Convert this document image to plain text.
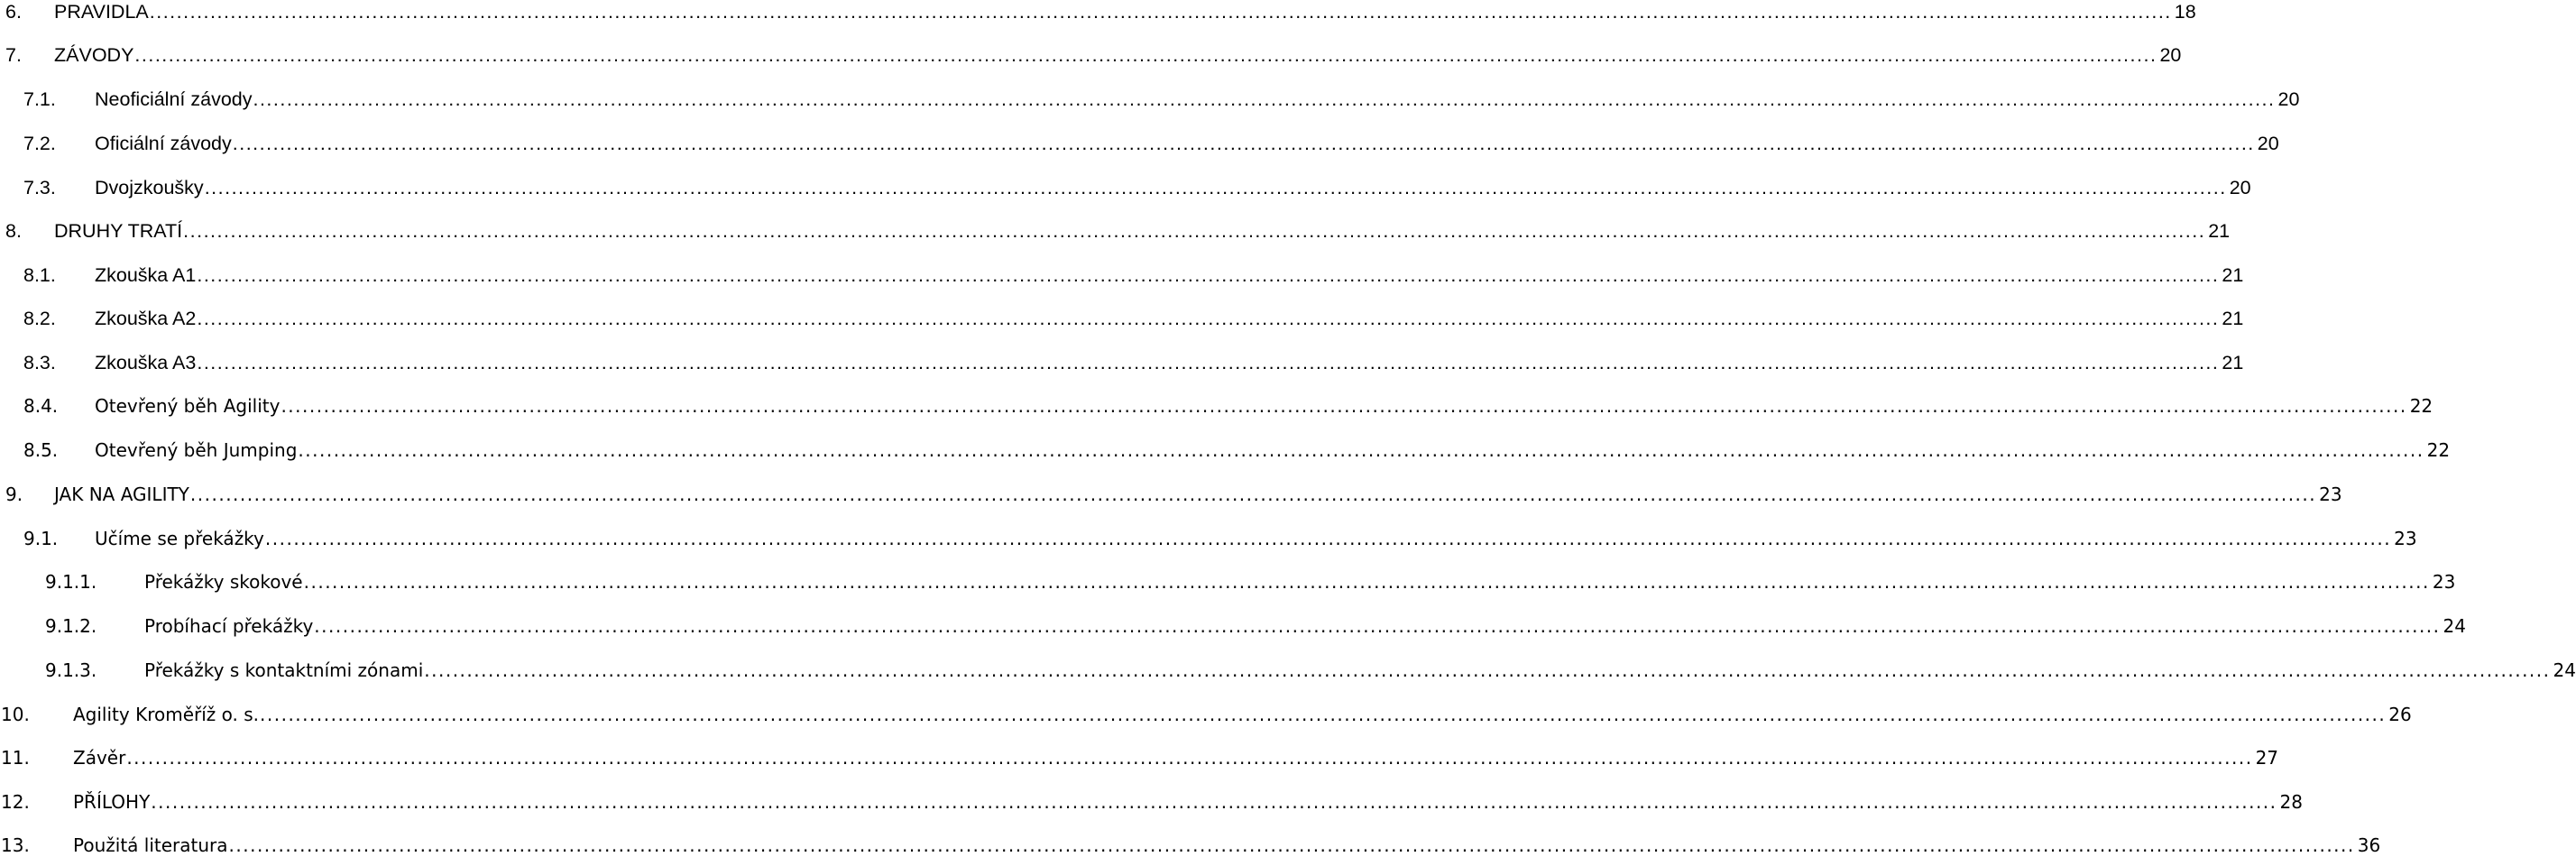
6.	PRAVIDLA ............................................................................................................................................................................................................................................................................................................ 18
7.	ZÁVODY ............................................................................................................................................................................................................................................................................................................ 20
7.1.	Neoficiální závody ............................................................................................................................................................................................................................................................................................................ 20
7.2.	Oficiální závody ............................................................................................................................................................................................................................................................................................................ 20
7.3.	Dvojzkoušky ............................................................................................................................................................................................................................................................................................................ 20
8.	DRUHY TRATÍ ............................................................................................................................................................................................................................................................................................................ 21
8.1.	Zkouška A1 ............................................................................................................................................................................................................................................................................................................ 21
8.2.	Zkouška A2 ............................................................................................................................................................................................................................................................................................................ 21
8.3.	Zkouška A3 ............................................................................................................................................................................................................................................................................................................ 21
8.4.	Otevřený běh Agility ............................................................................................................................................................................................................................................................................................................ 22
8.5.	Otevřený běh Jumping ............................................................................................................................................................................................................................................................................................................ 22
9.	JAK NA AGILITY ............................................................................................................................................................................................................................................................................................................ 23
9.1.	Učíme se překážky ............................................................................................................................................................................................................................................................................................................ 23
9.1.1.	Překážky skokové ............................................................................................................................................................................................................................................................................................................ 23
9.1.2.	Probíhací překážky ............................................................................................................................................................................................................................................................................................................ 24
9.1.3.	Překážky s kontaktními zónami ............................................................................................................................................................................................................................................................................................................ 24
10.	Agility Kroměříž o. s. ............................................................................................................................................................................................................................................................................................................ 26
11.	Závěr ............................................................................................................................................................................................................................................................................................................ 27
12.	PŘÍLOHY ............................................................................................................................................................................................................................................................................................................ 28
13.	Použitá literatura ............................................................................................................................................................................................................................................................................................................ 36
